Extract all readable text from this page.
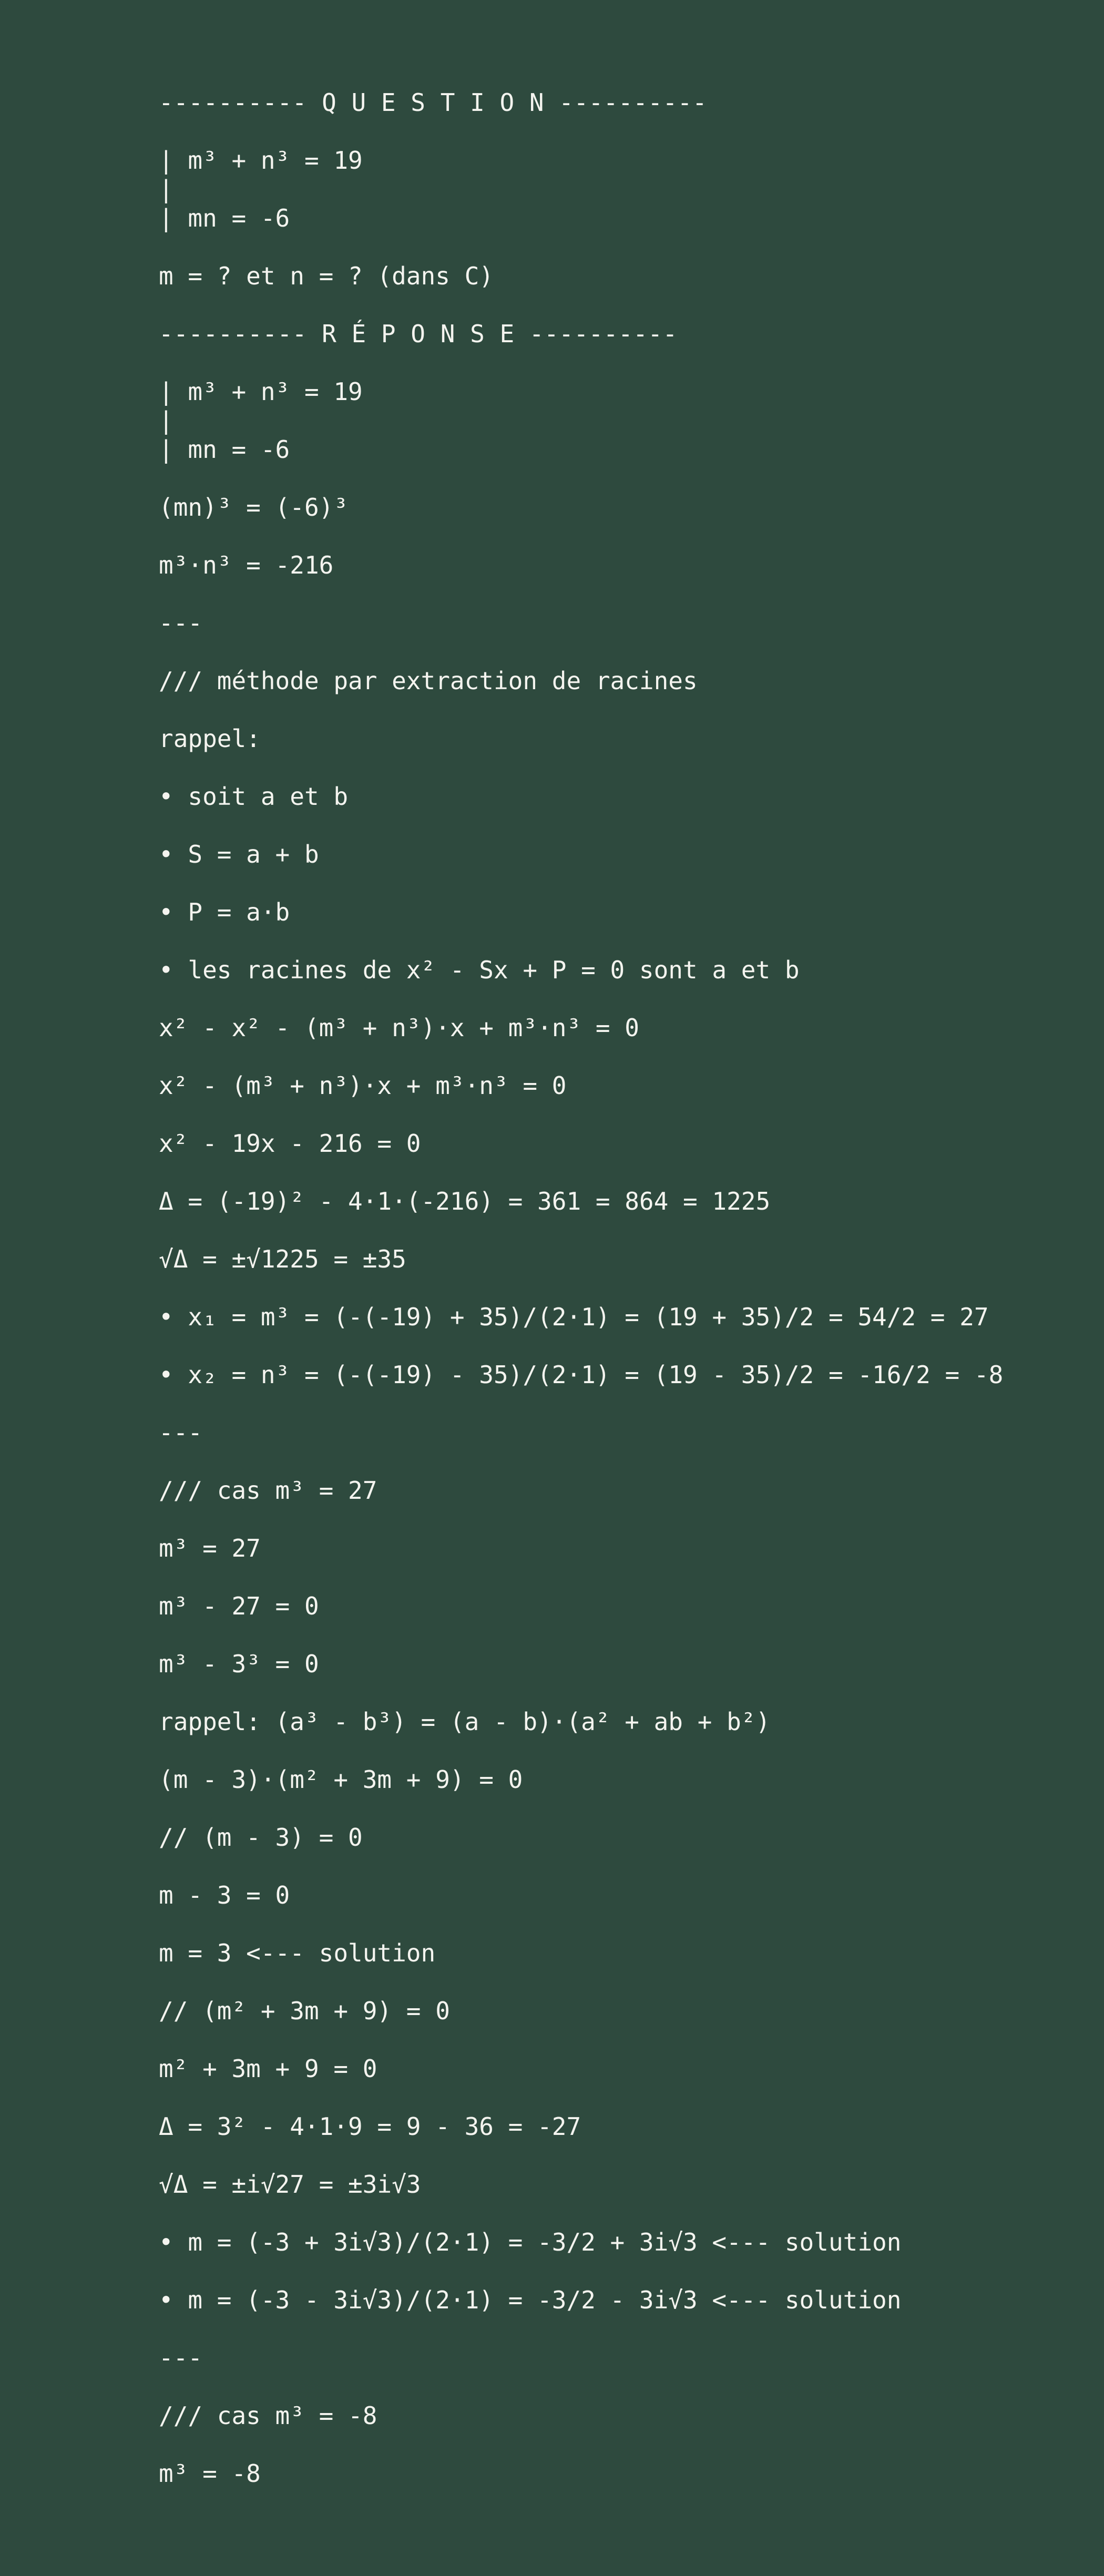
---------- Q U E S T I O N ----------
| m³ + n³ = 19
|
| mn = -6
m = ? et n = ? (dans C)
---------- R É P O N S E ----------
| m³ + n³ = 19
|
| mn = -6
(mn)³ = (-6)³
m³·n³ = -216
---
/// méthode par extraction de racines
rappel:
• soit a et b
• S = a + b
• P = a·b
• les racines de x² - Sx + P = 0 sont a et b
x² - x² - (m³ + n³)·x + m³·n³ = 0
x² - (m³ + n³)·x + m³·n³ = 0
x² - 19x - 216 = 0
Δ = (-19)² - 4·1·(-216) = 361 = 864 = 1225
√Δ = ±√1225 = ±35
• x₁ = m³ = (-(-19) + 35)/(2·1) = (19 + 35)/2 = 54/2 = 27
• x₂ = n³ = (-(-19) - 35)/(2·1) = (19 - 35)/2 = -16/2 = -8
---
/// cas m³ = 27
m³ = 27
m³ - 27 = 0
m³ - 3³ = 0
rappel: (a³ - b³) = (a - b)·(a² + ab + b²)
(m - 3)·(m² + 3m + 9) = 0
// (m - 3) = 0
m - 3 = 0
m = 3 <--- solution
// (m² + 3m + 9) = 0
m² + 3m + 9 = 0
Δ = 3² - 4·1·9 = 9 - 36 = -27
√Δ = ±i√27 = ±3i√3
• m = (-3 + 3i√3)/(2·1) = -3/2 + 3i√3 <--- solution
• m = (-3 - 3i√3)/(2·1) = -3/2 - 3i√3 <--- solution
---
/// cas m³ = -8
m³ = -8
